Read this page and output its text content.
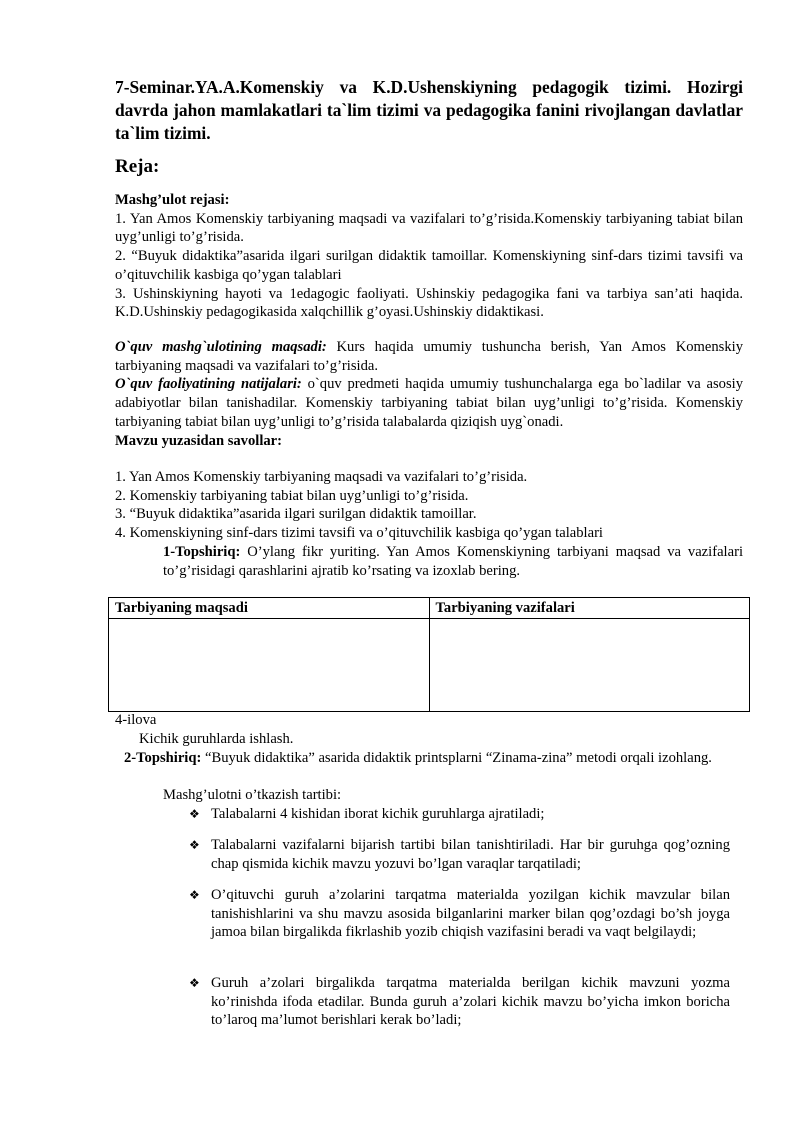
7-Seminar.YA.A.Komenskiy va K.D.Ushenskiyning pedagogik tizimi. Hozirgi davrda jahon mamlakatlari ta`lim tizimi va pedagogika fanini rivojlangan davlatlar ta`lim tizimi.
Reja:

Mashg’ulot rejasi:

1. Yan Amos Komenskiy tarbiyaning maqsadi va vazifalari to’g’risida.Komenskiy tarbiyaning tabiat bilan uyg’unligi to’g’risida.

2. “Buyuk didaktika”asarida ilgari surilgan didaktik tamoillar. Komenskiyning sinf-dars tizimi tavsifi va o’qituvchilik kasbiga qo’ygan talablari

3. Ushinskiyning hayoti va 1edagogic faoliyati. Ushinskiy pedagogika fani va tarbiya san’ati haqida. K.D.Ushinskiy pedagogikasida xalqchillik g’oyasi.Ushinskiy didaktikasi.

O`quv mashg`ulotining maqsadi: Kurs haqida umumiy tushuncha berish, Yan Amos Komenskiy tarbiyaning maqsadi va vazifalari to’g’risida.

O`quv faoliyatining natijalari: o`quv predmeti haqida umumiy tushunchalarga ega bo`ladilar va asosiy adabiyotlar bilan tanishadilar. Komenskiy tarbiyaning tabiat bilan uyg’unligi to’g’risida. Komenskiy tarbiyaning tabiat bilan uyg’unligi to’g’risida talabalarda qiziqish uyg`onadi.

Mavzu yuzasidan savollar:

1. Yan Amos Komenskiy tarbiyaning maqsadi va vazifalari to’g’risida.

2. Komenskiy tarbiyaning tabiat bilan uyg’unligi to’g’risida.

3. “Buyuk didaktika”asarida ilgari surilgan didaktik tamoillar.

4. Komenskiyning sinf-dars tizimi tavsifi va o’qituvchilik kasbiga qo’ygan talablari

1-Topshiriq: O’ylang fikr yuriting. Yan Amos Komenskiyning tarbiyani maqsad va vazifalari to’g’risidagi qarashlarini ajratib ko’rsating va izoxlab bering.
Tarbiyaning maqsadi	Tarbiyaning vazifalari

4-ilova
Kichik guruhlarda ishlash.
2-Topshiriq: “Buyuk didaktika” asarida didaktik printsplarni “Zinama-zina” metodi orqali izohlang.
Mashg’ulotni o’tkazish tartibi:
❖ Talabalarni 4 kishidan iborat kichik guruhlarga ajratiladi;

❖ Talabalarni vazifalarni bijarish tartibi bilan tanishtiriladi. Har bir guruhga qog’ozning chap qismida kichik mavzu yozuvi bo’lgan varaqlar tarqatiladi;

❖ O’qituvchi guruh a’zolarini tarqatma materialda yozilgan kichik mavzular bilan tanishishlarini va shu mavzu asosida bilganlarini marker bilan qog’ozdagi bo’sh joyga jamoa bilan birgalikda fikrlashib yozib chiqish vazifasini beradi va vaqt belgilaydi;

❖ Guruh a’zolari birgalikda tarqatma materialda berilgan kichik mavzuni yozma ko’rinishda ifoda etadilar. Bunda guruh a’zolari kichik mavzu bo’yicha imkon boricha to’laroq ma’lumot berishlari kerak bo’ladi;
